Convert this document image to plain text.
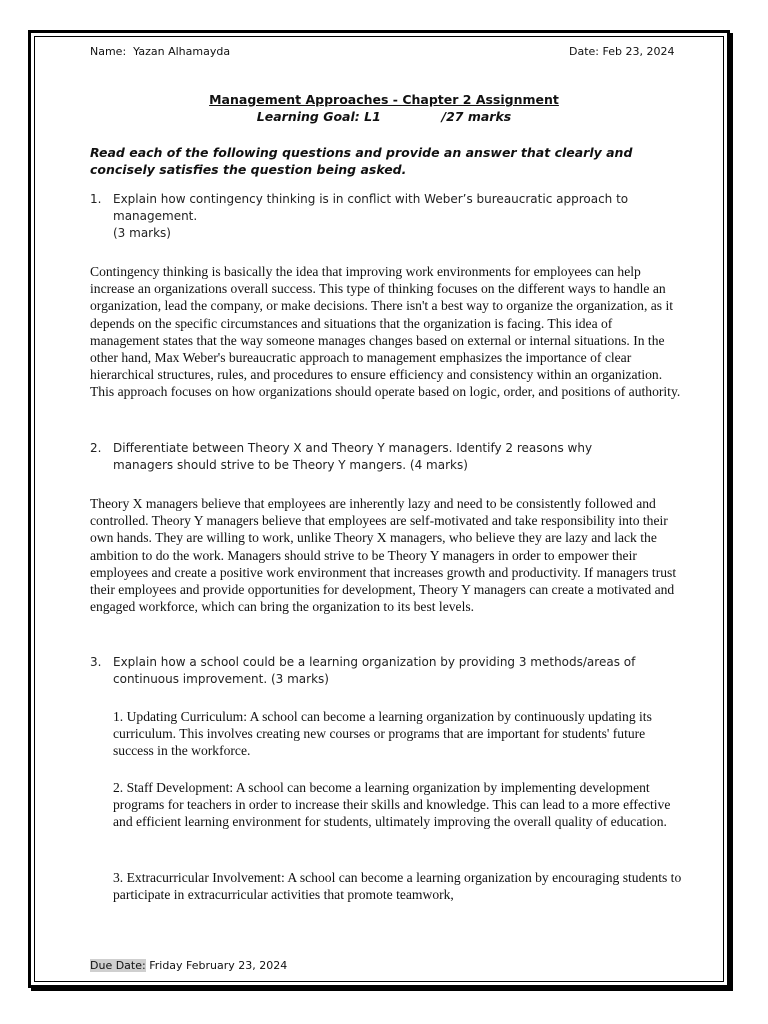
Name: Yazan Alhamayda	Date: Feb 23, 2024
Management Approaches - Chapter 2 Assignment
Learning Goal: L1	/27 marks
Read each of the following questions and provide an answer that clearly and concisely satisfies the question being asked.
1. Explain how contingency thinking is in conflict with Weber’s bureaucratic approach to
management.
(3 marks)
Contingency thinking is basically the idea that improving work environments for employees can help increase an organizations overall success. This type of thinking focuses on the different ways to handle an organization, lead the company, or make decisions. There isn't a best way to organize the organization, as it depends on the specific circumstances and situations that the organization is facing. This idea of management states that the way someone manages changes based on external or internal situations. In the other hand, Max Weber's bureaucratic approach to management emphasizes the importance of clear hierarchical structures, rules, and procedures to ensure efficiency and consistency within an organization. This approach focuses on how organizations should operate based on logic, order, and positions of authority.
2. Differentiate between Theory X and Theory Y managers. Identify 2 reasons why
managers should strive to be Theory Y mangers. (4 marks)
Theory X managers believe that employees are inherently lazy and need to be consistently followed and controlled. Theory Y managers believe that employees are self-motivated and take responsibility into their own hands. They are willing to work, unlike Theory X managers, who believe they are lazy and lack the ambition to do the work. Managers should strive to be Theory Y managers in order to empower their employees and create a positive work environment that increases growth and productivity. If managers trust their employees and provide opportunities for development, Theory Y managers can create a motivated and engaged workforce, which can bring the organization to its best levels.
3. Explain how a school could be a learning organization by providing 3 methods/areas of
continuous improvement. (3 marks)
1. Updating Curriculum: A school can become a learning organization by continuously updating its curriculum. This involves creating new courses or programs that are important for students' future success in the workforce.
2. Staff Development: A school can become a learning organization by implementing development programs for teachers in order to increase their skills and knowledge. This can lead to a more effective and efficient learning environment for students, ultimately improving the overall quality of education.
3. Extracurricular Involvement: A school can become a learning organization by encouraging students to participate in extracurricular activities that promote teamwork,
Due Date: Friday February 23, 2024
